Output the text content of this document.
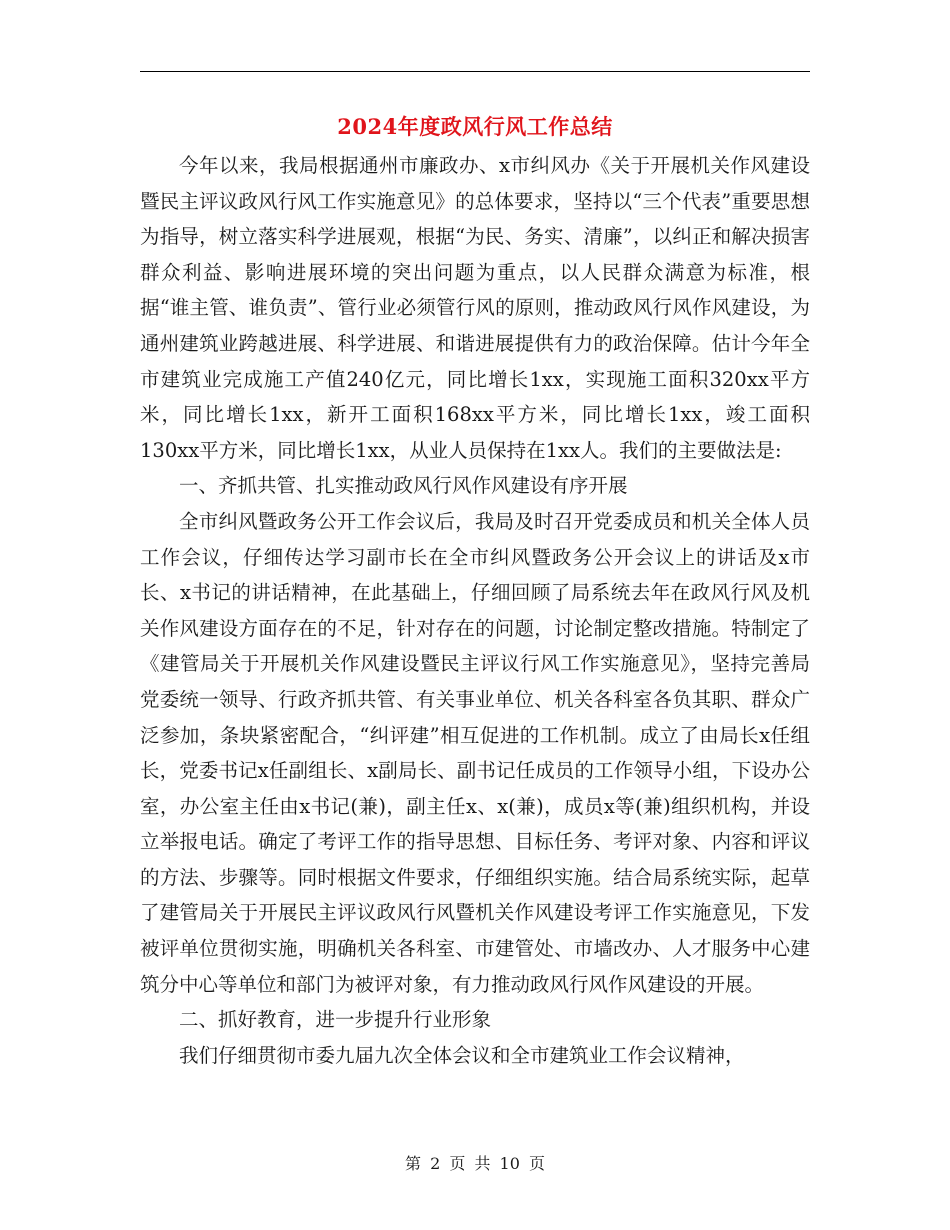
2024年度政风行风工作总结

今年以来，我局根据通州市廉政办、x市纠风办《关于开展机关作风建设暨民主评议政风行风工作实施意见》的总体要求，坚持以“三个代表”重要思想为指导，树立落实科学进展观，根据“为民、务实、清廉”，以纠正和解决损害群众利益、影响进展环境的突出问题为重点，以人民群众满意为标准，根据“谁主管、谁负责”、管行业必须管行风的原则，推动政风行风作风建设，为通州建筑业跨越进展、科学进展、和谐进展提供有力的政治保障。估计今年全市建筑业完成施工产值240亿元，同比增长1xx，实现施工面积320xx平方米，同比增长1xx，新开工面积168xx平方米，同比增长1xx，竣工面积130xx平方米，同比增长1xx，从业人员保持在1xx人。我们的主要做法是:

一、齐抓共管、扎实推动政风行风作风建设有序开展

全市纠风暨政务公开工作会议后，我局及时召开党委成员和机关全体人员工作会议，仔细传达学习副市长在全市纠风暨政务公开会议上的讲话及x市长、x书记的讲话精神，在此基础上，仔细回顾了局系统去年在政风行风及机关作风建设方面存在的不足，针对存在的问题，讨论制定整改措施。特制定了《建管局关于开展机关作风建设暨民主评议行风工作实施意见》，坚持完善局党委统一领导、行政齐抓共管、有关事业单位、机关各科室各负其职、群众广泛参加，条块紧密配合，“纠评建”相互促进的工作机制。成立了由局长x任组长，党委书记x任副组长、x副局长、副书记任成员的工作领导小组，下设办公室，办公室主任由x书记(兼)，副主任x、x(兼)，成员x等(兼)组织机构，并设立举报电话。确定了考评工作的指导思想、目标任务、考评对象、内容和评议的方法、步骤等。同时根据文件要求，仔细组织实施。结合局系统实际，起草了建管局关于开展民主评议政风行风暨机关作风建设考评工作实施意见，下发被评单位贯彻实施，明确机关各科室、市建管处、市墙改办、人才服务中心建筑分中心等单位和部门为被评对象，有力推动政风行风作风建设的开展。

二、抓好教育，进一步提升行业形象

我们仔细贯彻市委九届九次全体会议和全市建筑业工作会议精神，

第 2 页 共 10 页
